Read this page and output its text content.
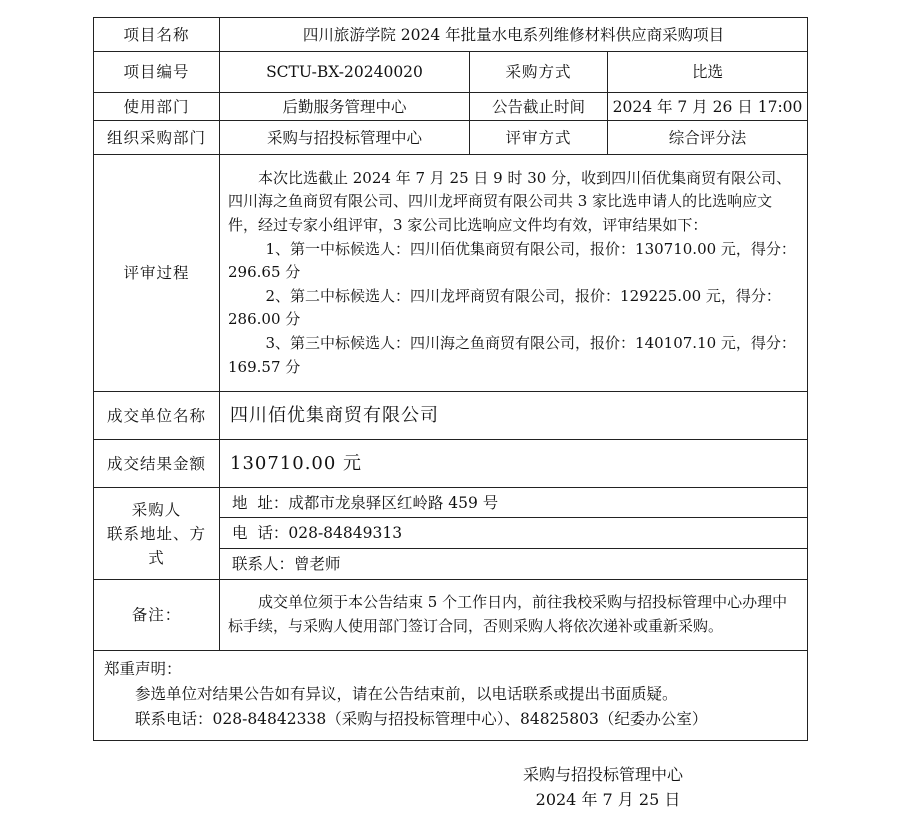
项目名称	四川旅游学院 2024 年批量水电系列维修材料供应商采购项目		
项目编号	SCTU-BX-20240020	采购方式	比选
使用部门	后勤服务管理中心	公告截止时间	2024 年 7 月 26 日 17:00
组织采购部门	采购与招投标管理中心	评审方式	综合评分法
评审过程	本次比选截止 2024 年 7 月 25 日 9 时 30 分，收到四川佰优集商贸有限公司、四川海之鱼商贸有限公司、四川龙坪商贸有限公司共 3 家比选申请人的比选响应文件，经过专家小组评审，3 家公司比选响应文件均有效，评审结果如下：

1、第一中标候选人：四川佰优集商贸有限公司，报价：130710.00 元，得分：296.65 分

2、第二中标候选人：四川龙坪商贸有限公司，报价：129225.00 元，得分：286.00 分

3、第三中标候选人：四川海之鱼商贸有限公司，报价：140107.10 元，得分：169.57 分		

成交单位名称	四川佰优集商贸有限公司		
成交结果金额	130710.00 元		

采购人
联系地址、方
式	地  址：成都市龙泉驿区红岭路 459 号		
	电  话：028-84849313		
	联系人：曾老师		
备注：	成交单位须于本公告结束 5 个工作日内，前往我校采购与招投标管理中心办理中标手续，与采购人使用部门签订合同，否则采购人将依次递补或重新采购。		

郑重声明：

参选单位对结果公告如有异议，请在公告结束前，以电话联系或提出书面质疑。

联系电话：028-84842338（采购与招投标管理中心）、84825803（纪委办公室）			

采购与招投标管理中心
2024 年 7 月 25 日
